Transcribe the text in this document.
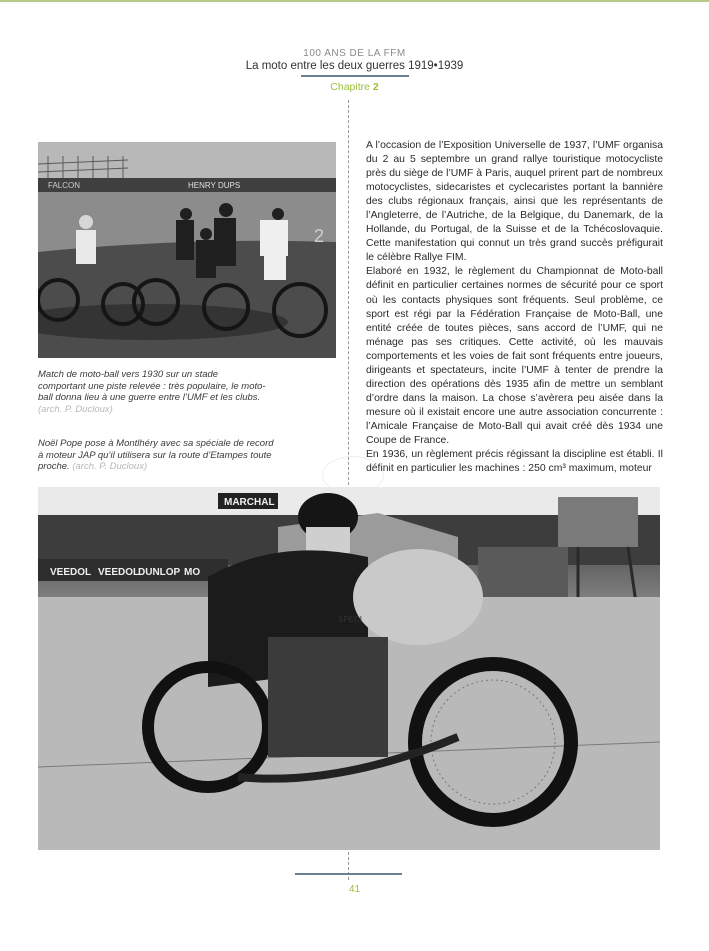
100 ANS DE LA FFM
La moto entre les deux guerres 1919•1939
Chapitre 2
HENRY DUPS
FALCON
2
Match de moto-ball vers 1930 sur un stade comportant une piste relevée : très populaire, le moto-ball donna lieu à une guerre entre l’UMF et les clubs. (arch. P. Ducloux)
Noël Pope pose à Montlhéry avec sa spéciale de record à moteur JAP qu’il utilisera sur la route d’Etampes toute proche. (arch. P. Ducloux)

A l’occasion de l’Exposition Universelle de 1937, l’UMF organisa du 2 au 5 septembre un grand rallye touristique motocycliste près du siège de l’UMF à Paris, auquel prirent part de nombreux motocyclistes, sidecaristes et cyclecaristes portant la bannière des clubs régionaux français, ainsi que les représentants de l’Angleterre, de l’Autriche, de la Belgique, du Danemark, de la Hollande, du Portugal, de la Suisse et de la Tchécoslovaquie. Cette manifestation qui connut un très grand succès préfigurait le célèbre Rallye FIM.

Elaboré en 1932, le règlement du Championnat de Moto-ball définit en particulier certaines normes de sécurité pour ce sport où les contacts physiques sont fréquents. Seul problème, ce sport est régi par la Fédération Française de Moto-Ball, une entité créée de toutes pièces, sans accord de l’UMF, qui ne ménage pas ses critiques. Cette activité, où les mauvais comportements et les voies de fait sont fréquents entre joueurs, dirigeants et spectateurs, incite l’UMF à tenter de prendre la direction des opérations dès 1935 afin de mettre un semblant d’ordre dans la maison. La chose s’avèrera peu aisée dans la mesure où il existait encore une autre association concurrente : l’Amicale Française de Moto-Ball qui avait créé dès 1934 une Coupe de France.

En 1936, un règlement précis régissant la discipline est établi. Il définit en particulier les machines : 250 cm³ maximum, moteur

VEEDOL VEEDOL
DUNLOP MO
MARCHAL
SPECI
41
